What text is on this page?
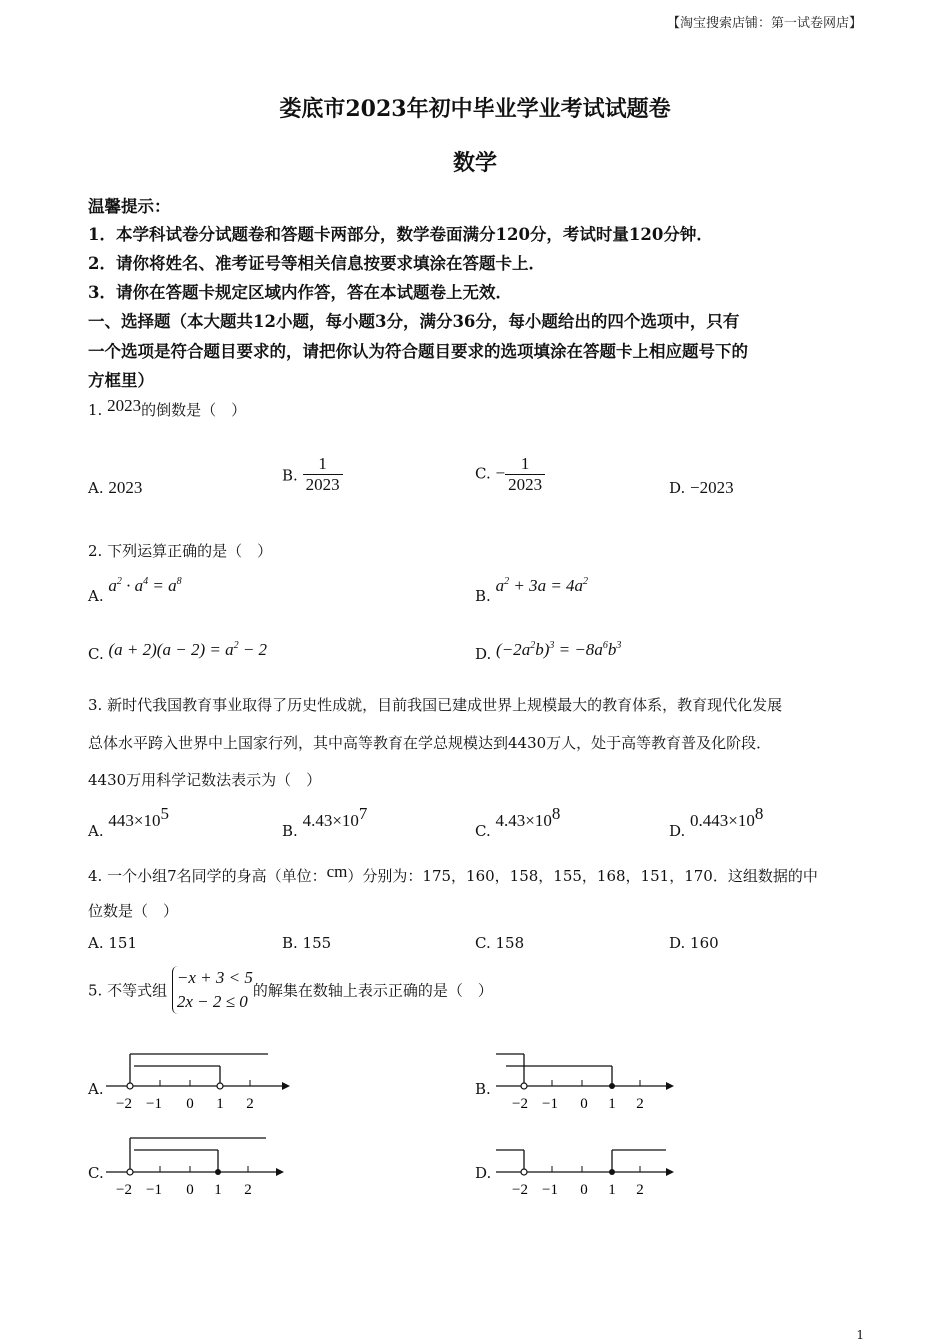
【淘宝搜索店铺：第一试卷网店】
娄底市2023年初中毕业学业考试试题卷
数学
温馨提示：
1．本学科试卷分试题卷和答题卡两部分，数学卷面满分120分，考试时量120分钟．
2．请你将姓名、准考证号等相关信息按要求填涂在答题卡上．
3．请你在答题卡规定区域内作答，答在本试题卷上无效．
一、选择题（本大题共12小题，每小题3分，满分36分，每小题给出的四个选项中，只有
一个选项是符合题目要求的，请把你认为符合题目要求的选项填涂在答题卡上相应题号下的
方框里）
1. 2023的倒数是（　）
A. 2023
B. $\frac{1}{2023}$	C. − $\frac{1}{2023}$	D. −2023
2. 下列运算正确的是（　）
A. $a^2 \cdot a^4 = a^8$
B. $a^2 + 3a = 4a^2$
C. $(a + 2)(a - 2) = a^2 - 2$	D. $(-2a^2b)^3 = -8a^6b^3$
3. 新时代我国教育事业取得了历史性成就，目前我国已建成世界上规模最大的教育体系，教育现代化发展
总体水平跨入世界中上国家行列，其中高等教育在学总规模达到4430万人，处于高等教育普及化阶段．
4430万用科学记数法表示为（　）
A. $443\times 10^5$
B. $4.43\times 10^7$
C. $4.43\times 10^8$
D. $0.443\times 10^8$
4. 一个小组7名同学的身高（单位：cm）分别为：175，160，158，155，168，151，170．这组数据的中
位数是（　）
A. 151	B. 155	C. 158	D. 160
5. 不等式组
−x + 3 < 5
2x − 2 ≤ 0
的解集在数轴上表示正确的是（　）
A.	B.
C.	D.
−2 −1 0 1 2	−2 −1 0 1 2
−2 −1 0 1 2	−2 −1 0 1 2
1
